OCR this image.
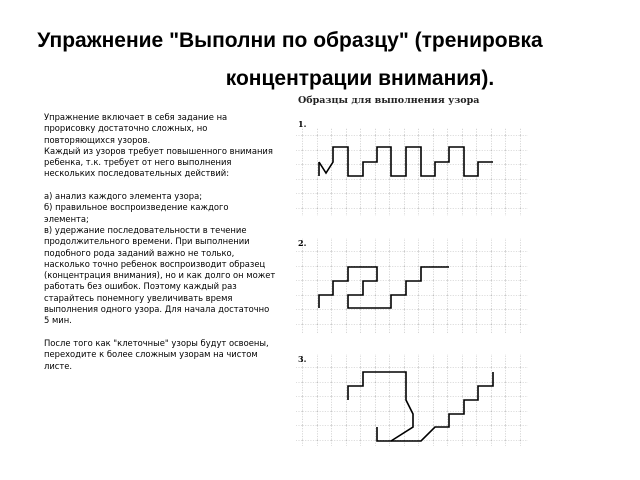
Упражнение "Выполни по образцу" (тренировка
концентрации внимания).

Упражнение включает в себя задание на прорисовку достаточно сложных, но повторяющихся узоров.

Каждый из узоров требует повышенного внимания ребенка, т.к. требует от него выполнения нескольких последовательных действий:

а) анализ каждого элемента узора;

б) правильное воспроизведение каждого элемента;

в) удержание последовательности в течение продолжительного времени. При выполнении подобного рода заданий важно не только, насколько точно ребенок воспроизводит образец (концентрация внимания), но и как долго он может работать без ошибок. Поэтому каждый раз старайтесь понемногу увеличивать время выполнения одного узора. Для начала достаточно 5 мин.

После того как "клеточные" узоры будут освоены, переходите к более сложным узорам на чистом листе.

Образцы для выполнения узора
1.
2.
3.
